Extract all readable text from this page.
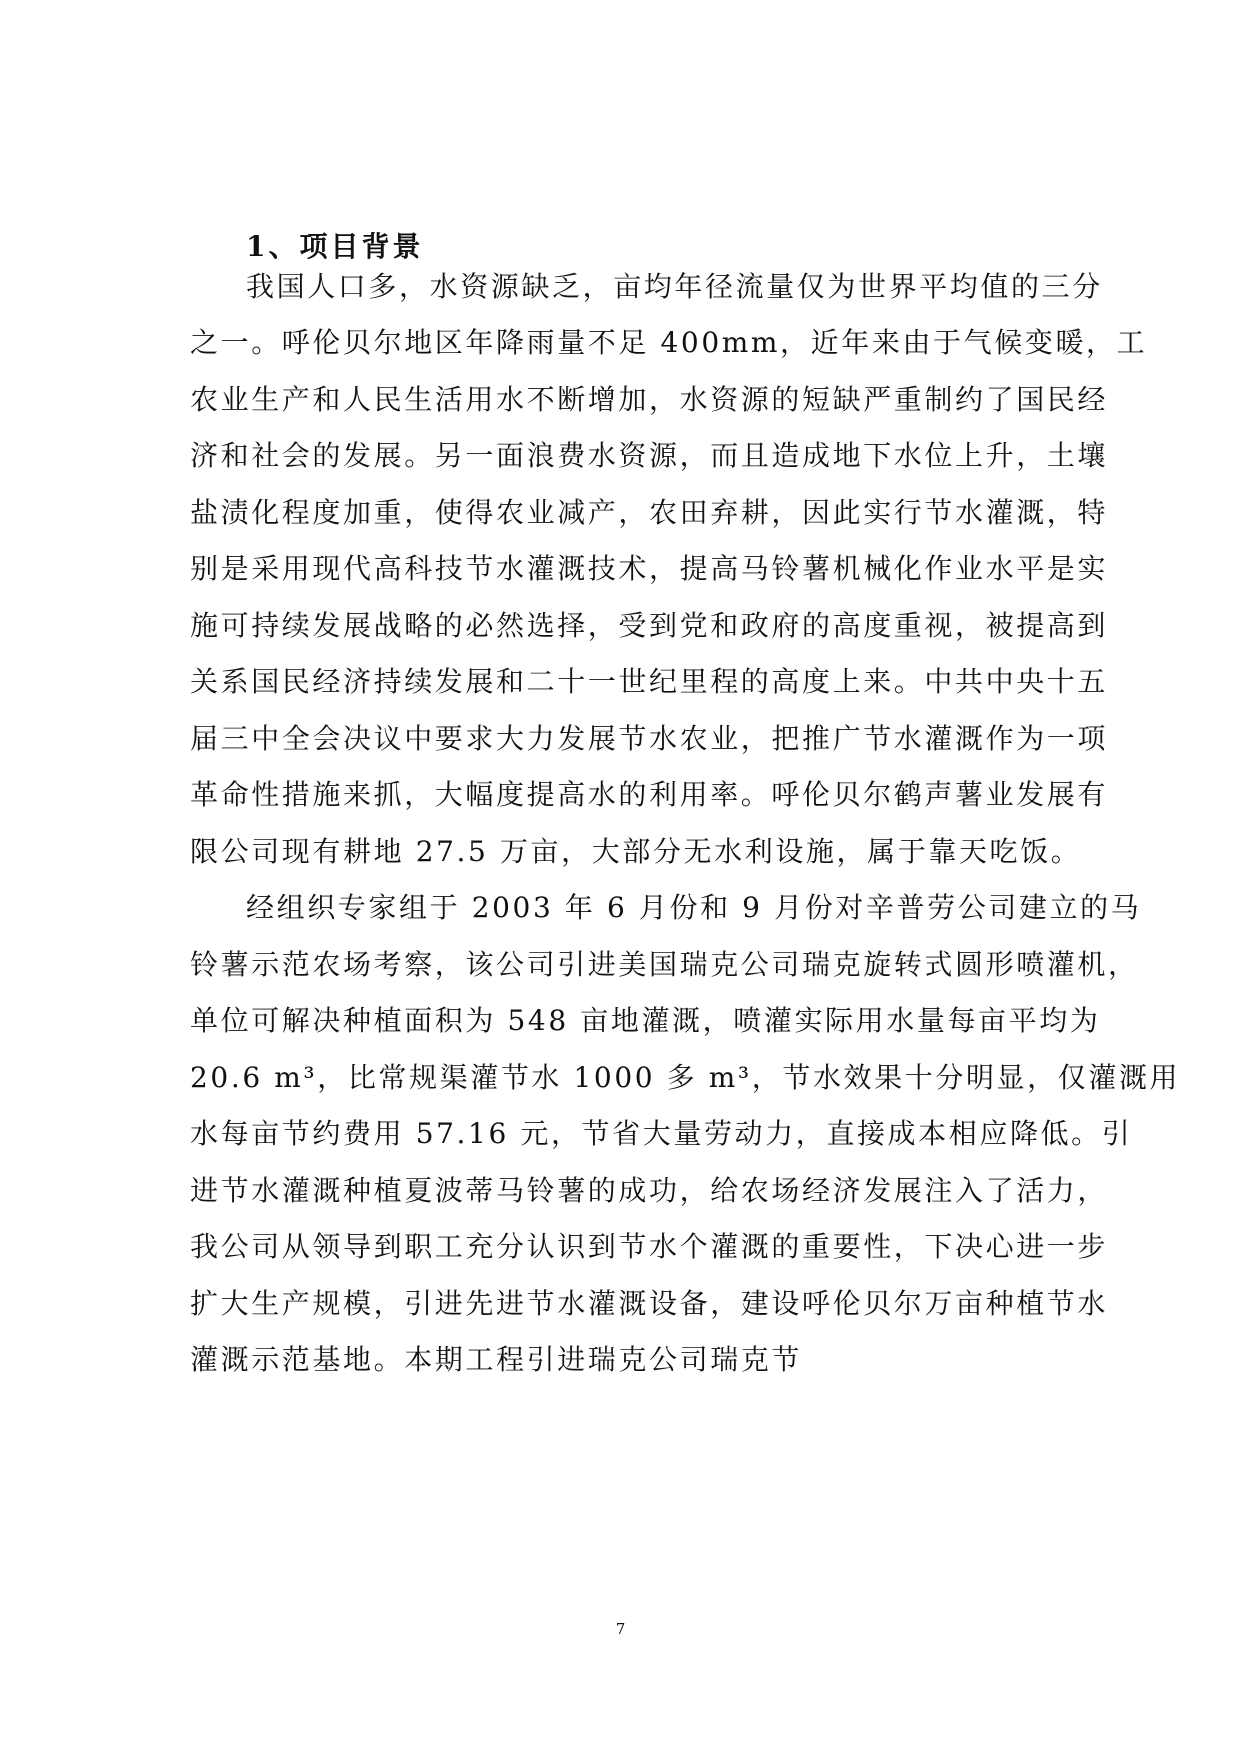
1、项目背景

我国人口多，水资源缺乏，亩均年径流量仅为世界平均值的三分

之一。呼伦贝尔地区年降雨量不足 400mm，近年来由于气候变暖，工

农业生产和人民生活用水不断增加，水资源的短缺严重制约了国民经

济和社会的发展。另一面浪费水资源，而且造成地下水位上升，土壤

盐渍化程度加重，使得农业减产，农田弃耕，因此实行节水灌溉，特

别是采用现代高科技节水灌溉技术，提高马铃薯机械化作业水平是实

施可持续发展战略的必然选择，受到党和政府的高度重视，被提高到

关系国民经济持续发展和二十一世纪里程的高度上来。中共中央十五

届三中全会决议中要求大力发展节水农业，把推广节水灌溉作为一项

革命性措施来抓，大幅度提高水的利用率。呼伦贝尔鹤声薯业发展有

限公司现有耕地 27.5 万亩，大部分无水利设施，属于靠天吃饭。

经组织专家组于 2003 年 6 月份和 9 月份对辛普劳公司建立的马

铃薯示范农场考察，该公司引进美国瑞克公司瑞克旋转式圆形喷灌机，

单位可解决种植面积为 548 亩地灌溉，喷灌实际用水量每亩平均为

20.6 m³，比常规渠灌节水 1000 多 m³，节水效果十分明显，仅灌溉用

水每亩节约费用 57.16 元，节省大量劳动力，直接成本相应降低。引

进节水灌溉种植夏波蒂马铃薯的成功，给农场经济发展注入了活力，

我公司从领导到职工充分认识到节水个灌溉的重要性，下决心进一步

扩大生产规模，引进先进节水灌溉设备，建设呼伦贝尔万亩种植节水

灌溉示范基地。本期工程引进瑞克公司瑞克节

7
